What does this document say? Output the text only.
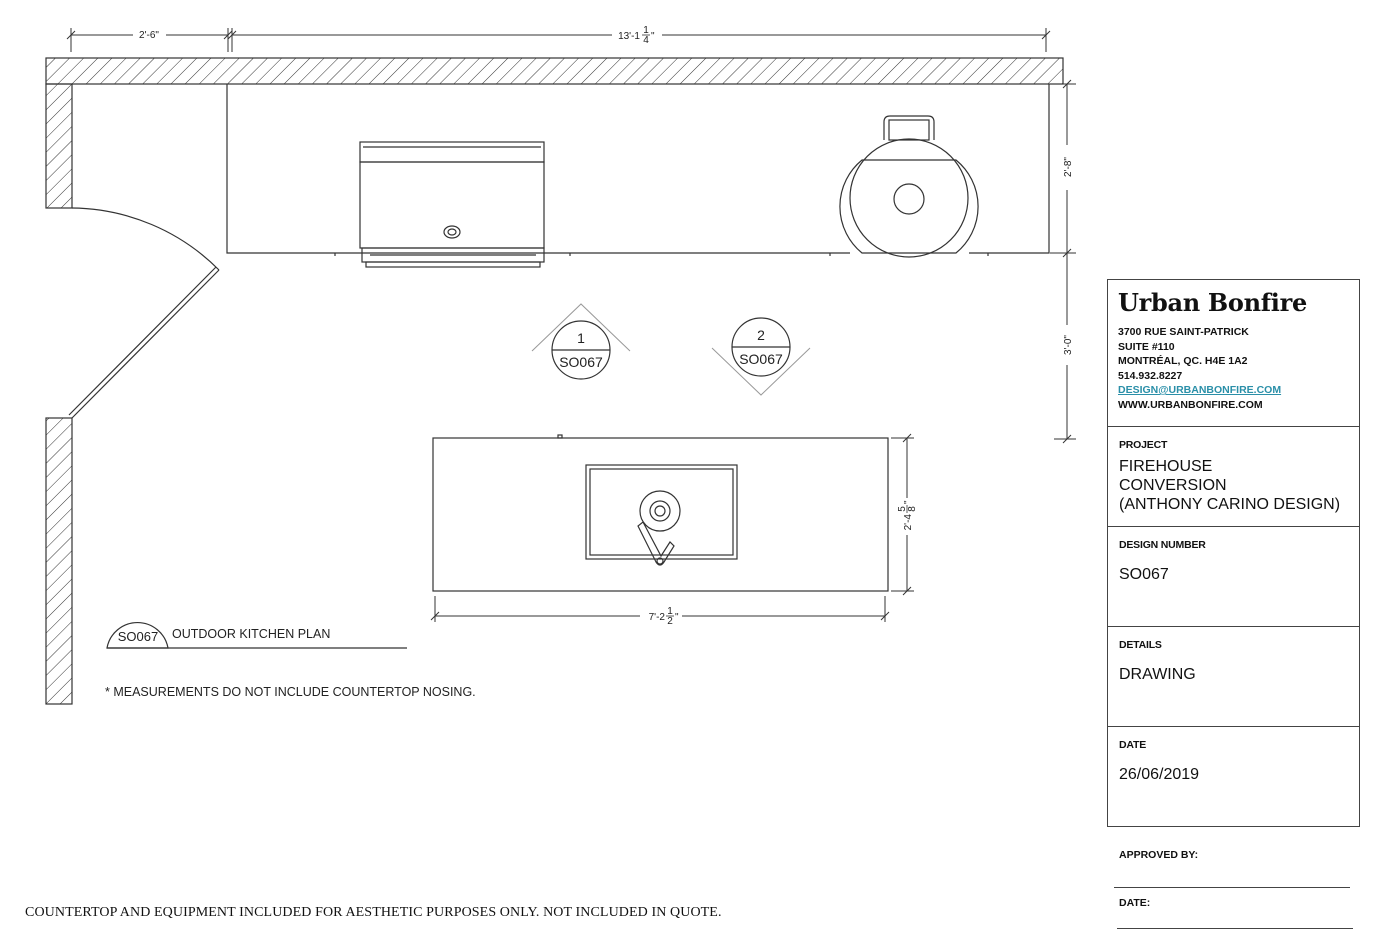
1
SO067
2
SO067
2'-6"	13'-1
1
4 "
2'-8"
3'-0"
2'-4
5 8
"
7'-2
1
2 "
SO067 OUTDOOR KITCHEN PLAN
* MEASUREMENTS DO NOT INCLUDE COUNTERTOP NOSING.
COUNTERTOP AND EQUIPMENT INCLUDED FOR AESTHETIC PURPOSES ONLY. NOT INCLUDED IN QUOTE.
Urban Bonfire
3700 RUE SAINT-PATRICK
SUITE #110
MONTRÉAL, QC. H4E 1A2
514.932.8227
DESIGN@URBANBONFIRE.COM
WWW.URBANBONFIRE.COM
PROJECT
FIREHOUSE
CONVERSION
(ANTHONY CARINO DESIGN)
DESIGN NUMBER
SO067
DETAILS
DRAWING
DATE
26/06/2019
APPROVED BY:
DATE:
